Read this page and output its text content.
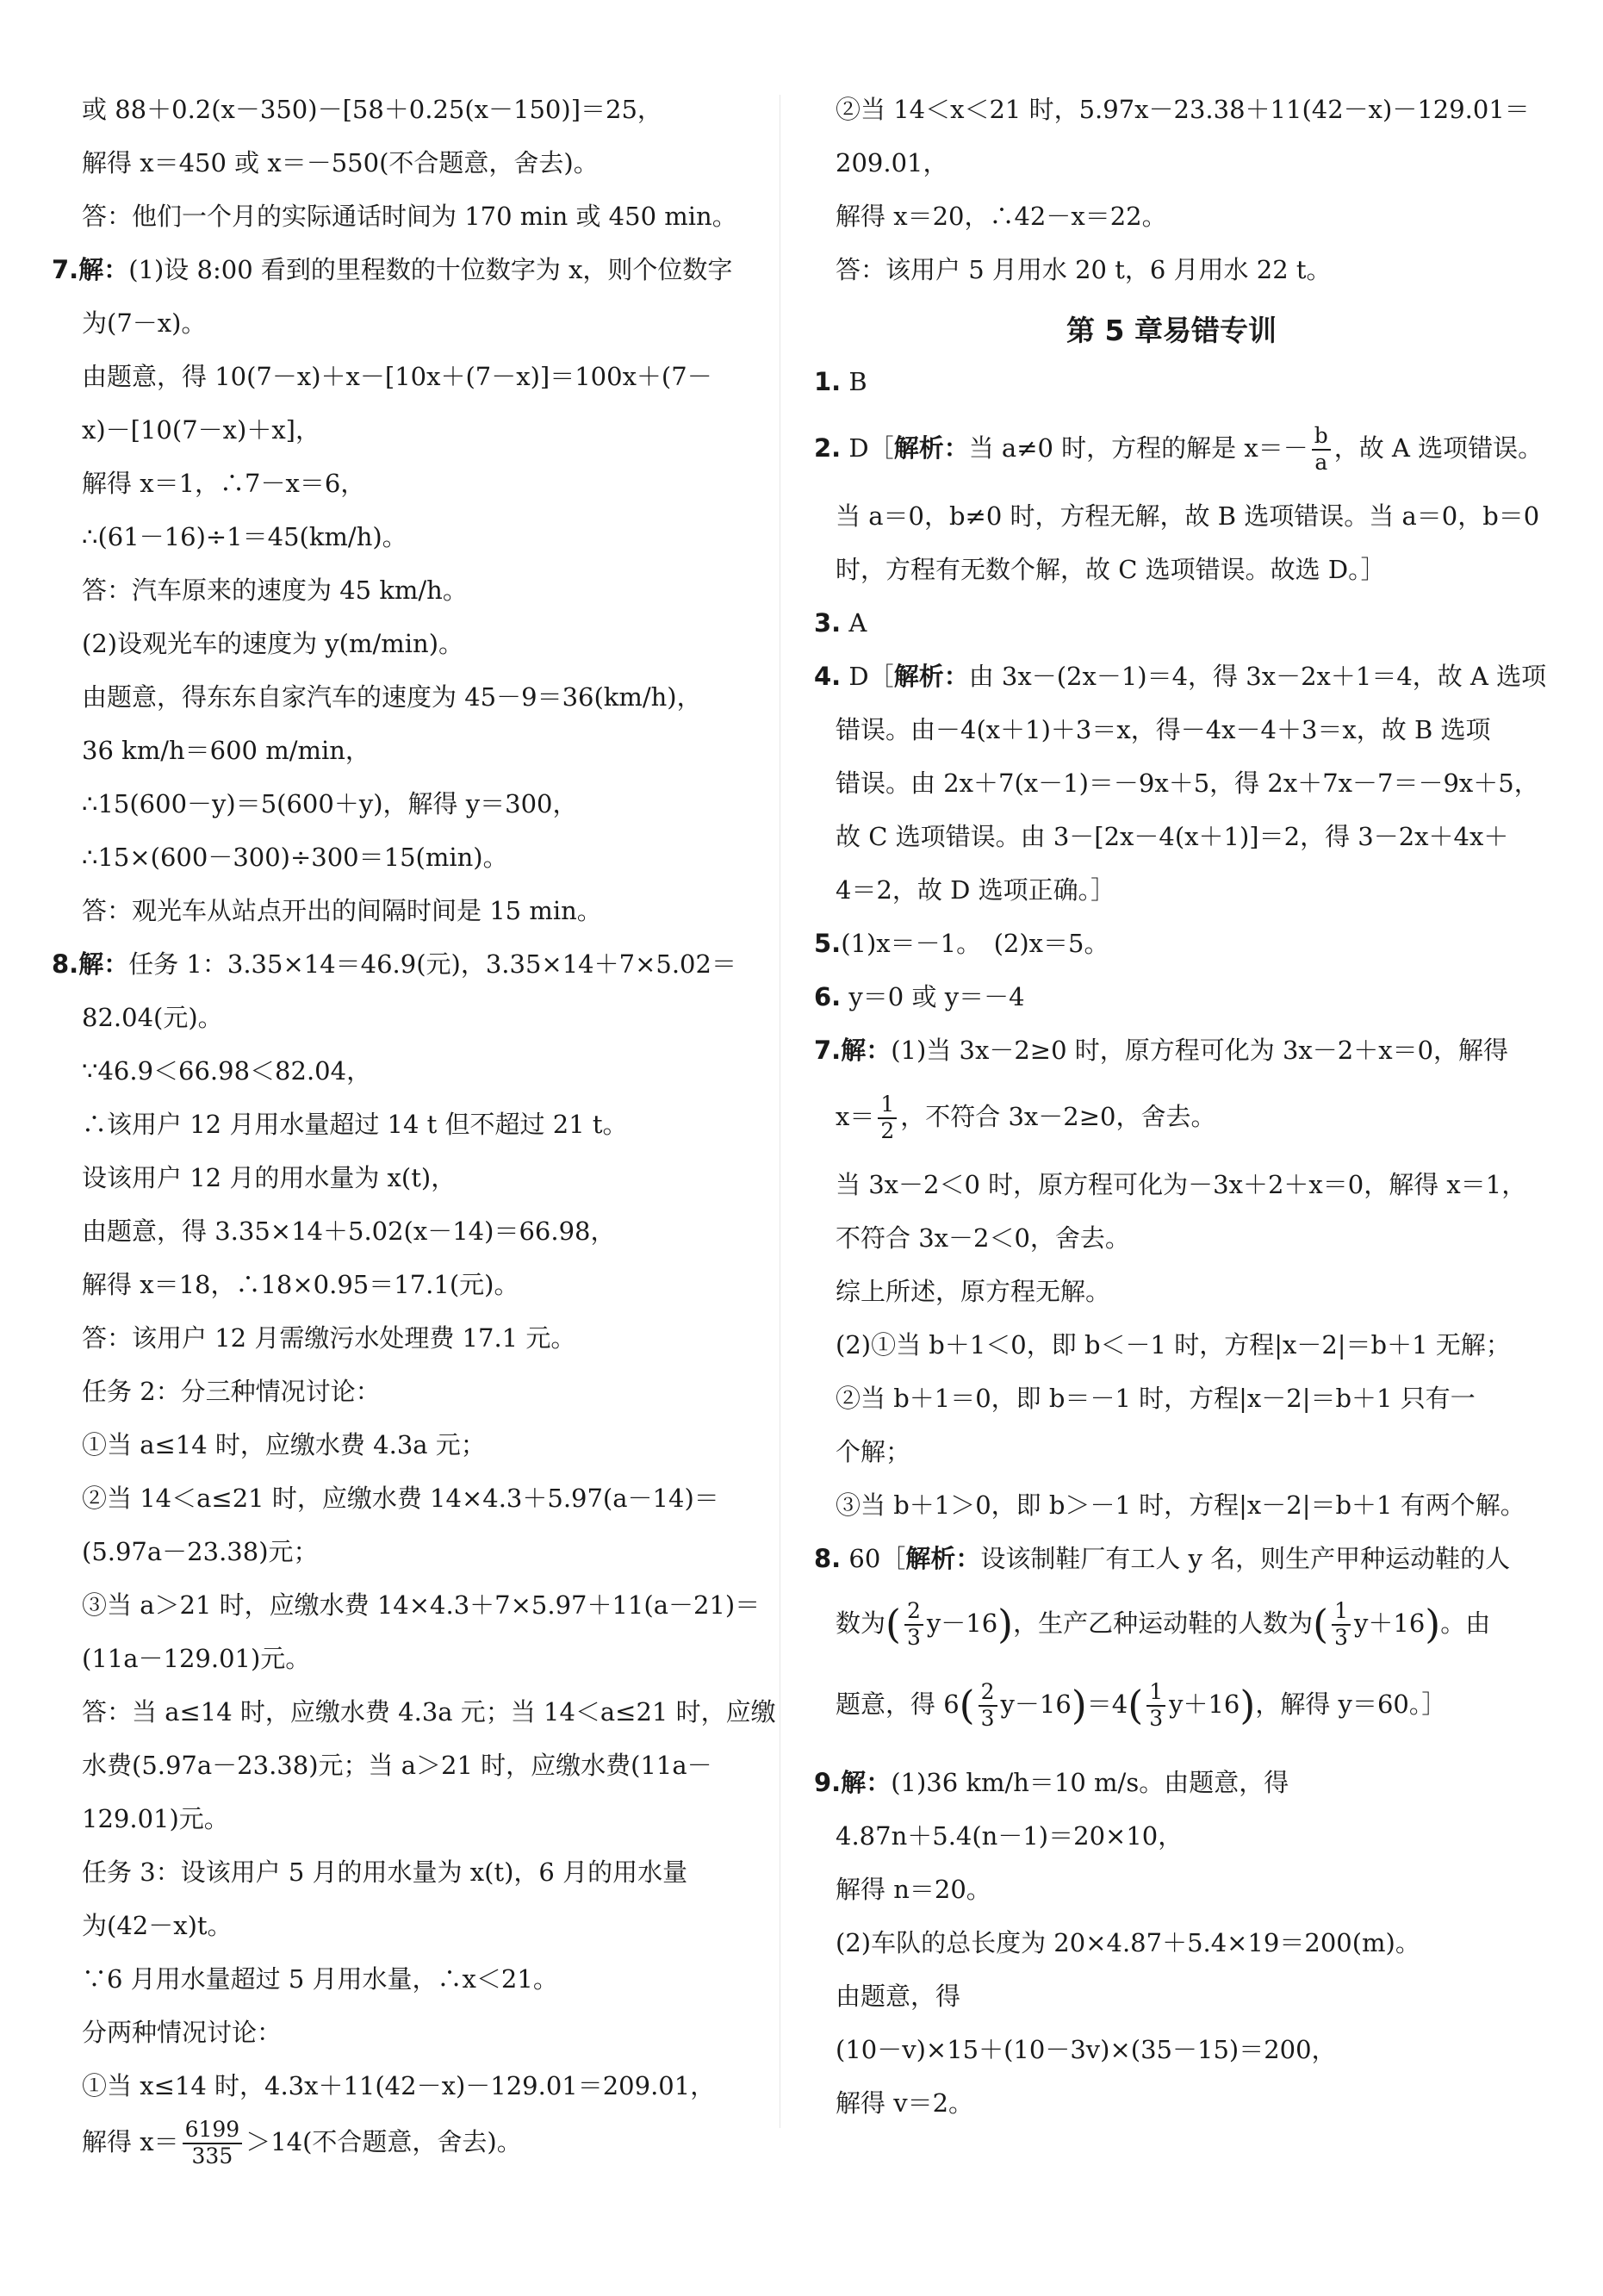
或 88＋0.2(x－350)－[58＋0.25(x－150)]＝25，
解得 x＝450 或 x＝－550(不合题意，舍去)。
答：他们一个月的实际通话时间为 170 min 或 450 min。
7.解：(1)设 8:00 看到的里程数的十位数字为 x，则个位数字
为(7－x)。
由题意，得 10(7－x)＋x－[10x＋(7－x)]＝100x＋(7－
x)－[10(7－x)＋x]，
解得 x＝1，∴7－x＝6，
∴(61－16)÷1＝45(km/h)。
答：汽车原来的速度为 45 km/h。
(2)设观光车的速度为 y(m/min)。
由题意，得东东自家汽车的速度为 45－9＝36(km/h)，
36 km/h＝600 m/min，
∴15(600－y)＝5(600＋y)，解得 y＝300，
∴15×(600－300)÷300＝15(min)。
答：观光车从站点开出的间隔时间是 15 min。
8.解：任务 1：3.35×14＝46.9(元)，3.35×14＋7×5.02＝
82.04(元)。
∵46.9＜66.98＜82.04，
∴该用户 12 月用水量超过 14 t 但不超过 21 t。
设该用户 12 月的用水量为 x(t)，
由题意，得 3.35×14＋5.02(x－14)＝66.98，
解得 x＝18，∴18×0.95＝17.1(元)。
答：该用户 12 月需缴污水处理费 17.1 元。
任务 2：分三种情况讨论：
①当 a≤14 时，应缴水费 4.3a 元；
②当 14＜a≤21 时，应缴水费 14×4.3＋5.97(a－14)＝
(5.97a－23.38)元；
③当 a＞21 时，应缴水费 14×4.3＋7×5.97＋11(a－21)＝
(11a－129.01)元。
答：当 a≤14 时，应缴水费 4.3a 元；当 14＜a≤21 时，应缴
水费(5.97a－23.38)元；当 a＞21 时，应缴水费(11a－
129.01)元。
任务 3：设该用户 5 月的用水量为 x(t)，6 月的用水量
为(42－x)t。
∵6 月用水量超过 5 月用水量，∴x＜21。
分两种情况讨论：
①当 x≤14 时，4.3x＋11(42－x)－129.01＝209.01，
解得 $x= \frac{6199}{335} >14$(不合题意，舍去)。
②当 14＜x＜21 时，5.97x－23.38＋11(42－x)－129.01＝
209.01，
解得 x＝20，∴42－x＝22。
答：该用户 5 月用水 20 t，6 月用水 22 t。
第 5 章易错专训
1. B
2. D［解析：当 a≠0 时，方程的解是 $x=- \frac{b}{a}$ ，故 A 选项错误。
当 a＝0，b≠0 时，方程无解，故 B 选项错误。当 a＝0，b＝0
时，方程有无数个解，故 C 选项错误。故选 D。］
3. A
4. D［解析：由 3x－(2x－1)＝4，得 3x－2x＋1＝4，故 A 选项
错误。由－4(x＋1)＋3＝x，得－4x－4＋3＝x，故 B 选项
错误。由 2x＋7(x－1)＝－9x＋5，得 2x＋7x－7＝－9x＋5，
故 C 选项错误。由 3－[2x－4(x＋1)]＝2，得 3－2x＋4x＋
4＝2，故 D 选项正确。］
5.(1)x＝－1。　(2)x＝5。
6. y＝0 或 y＝－4
7.解：(1)当 3x－2≥0 时，原方程可化为 3x－2＋x＝0，解得
$x= \frac{1}{2}$ ，不符合 3x－2≥0，舍去。
当 3x－2＜0 时，原方程可化为－3x＋2＋x＝0，解得 x＝1，
不符合 3x－2＜0，舍去。
综上所述，原方程无解。
(2)①当 b＋1＜0，即 b＜－1 时，方程|x－2|＝b＋1 无解；
②当 b＋1＝0，即 b＝－1 时，方程|x－2|＝b＋1 只有一
个解；
③当 b＋1＞0，即 b＞－1 时，方程|x－2|＝b＋1 有两个解。
8. 60［解析：设该制鞋厂有工人 y 名，则生产甲种运动鞋的人
数为( $\frac{2}{3} y-16$)，生产乙种运动鞋的人数为( $\frac{1}{3} y+16$)。由
题意，得 $6( \frac{2}{3} y-16)=4( \frac{1}{3} y+16)$，解得 y＝60。］
9.解：(1)36 km/h＝10 m/s。由题意，得
4.87n＋5.4(n－1)＝20×10，
解得 n＝20。
(2)车队的总长度为 20×4.87＋5.4×19＝200(m)。
由题意，得
(10－v)×15＋(10－3v)×(35－15)＝200，
解得 v＝2。
